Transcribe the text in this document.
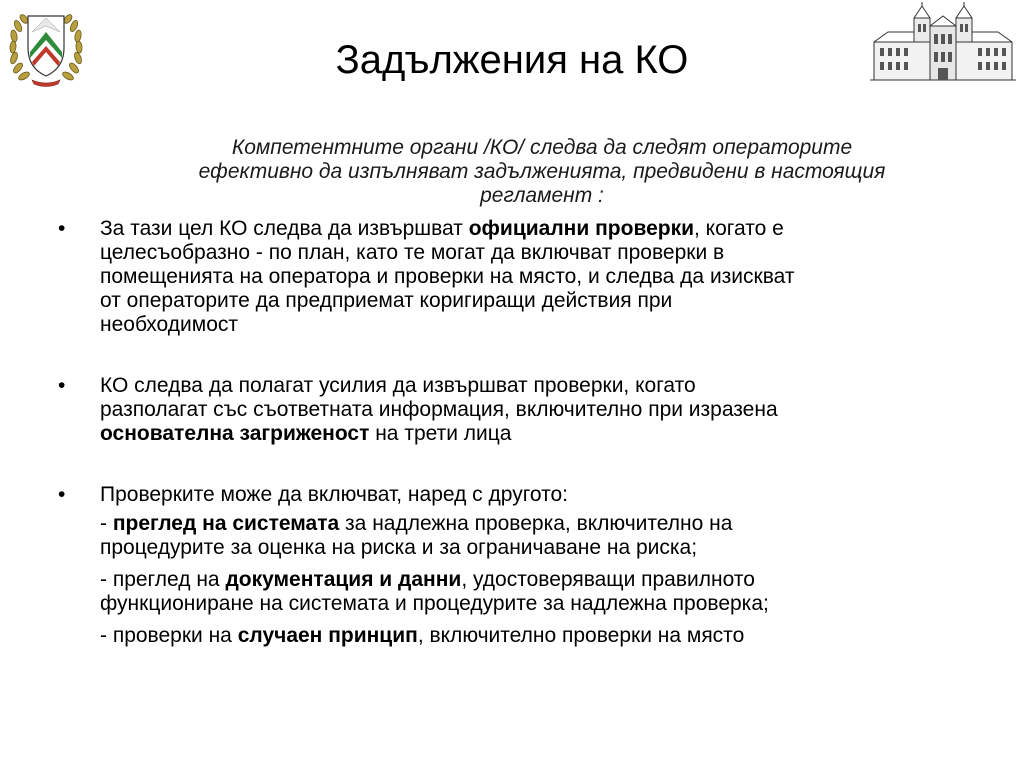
Задължения на КО
Компетентните органи /КО/ следва да следят операторите
ефективно да изпълняват задълженията, предвидени в настоящия
регламент :
•	За тази цел КО следва да извършват официални проверки, когато е
целесъобразно - по план, като те могат да включват проверки в
помещенията на оператора и проверки на място, и следва да изискват
от операторите да предприемат коригиращи действия при
необходимост
•	КО следва да полагат усилия да извършват проверки, когато
разполагат със съответната информация, включително при изразена
основателна загриженост на трети лица
•	Проверките може да включват, наред с другото:
- преглед на системата за надлежна проверка, включително на
процедурите за оценка на риска и за ограничаване на риска;
- преглед на документация и данни, удостоверяващи правилното
функциониране на системата и процедурите за надлежна проверка;
- проверки на случаен принцип, включително проверки на място
